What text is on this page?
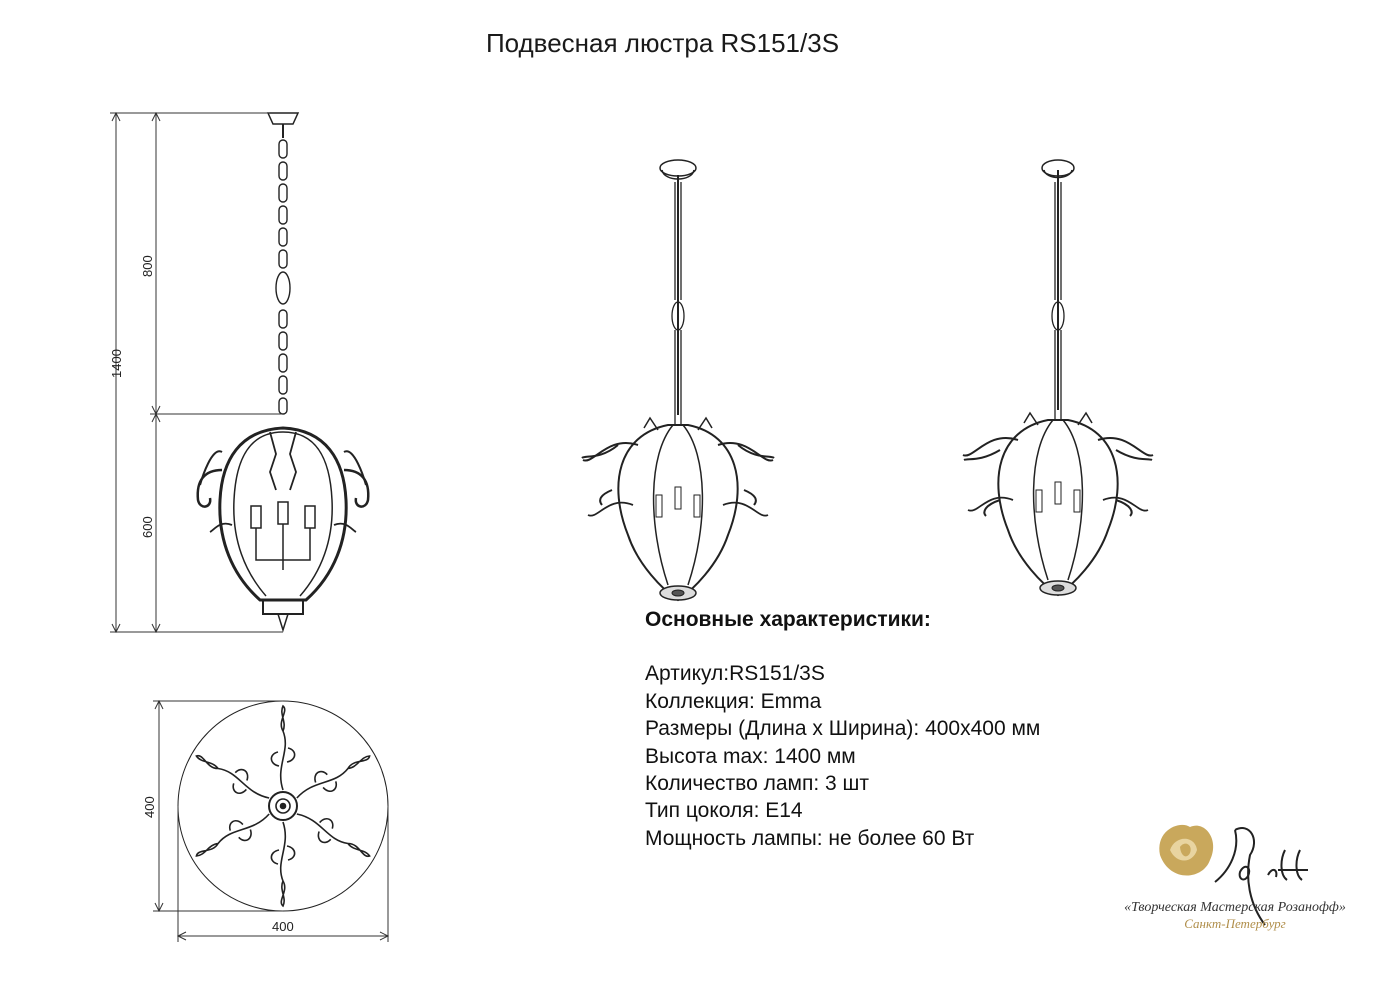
Подвесная люстра RS151/3S
1400
800
600
400
400
Основные характеристики:
Артикул:RS151/3S
Коллекция: Emma
Размеры (Длина х Ширина): 400х400 мм
Высота max: 1400 мм
Количество ламп: 3 шт
Тип цоколя: E14
Мощность лампы: не более 60 Вт
«Творческая Мастерская Розанофф»
Санкт-Петербург
